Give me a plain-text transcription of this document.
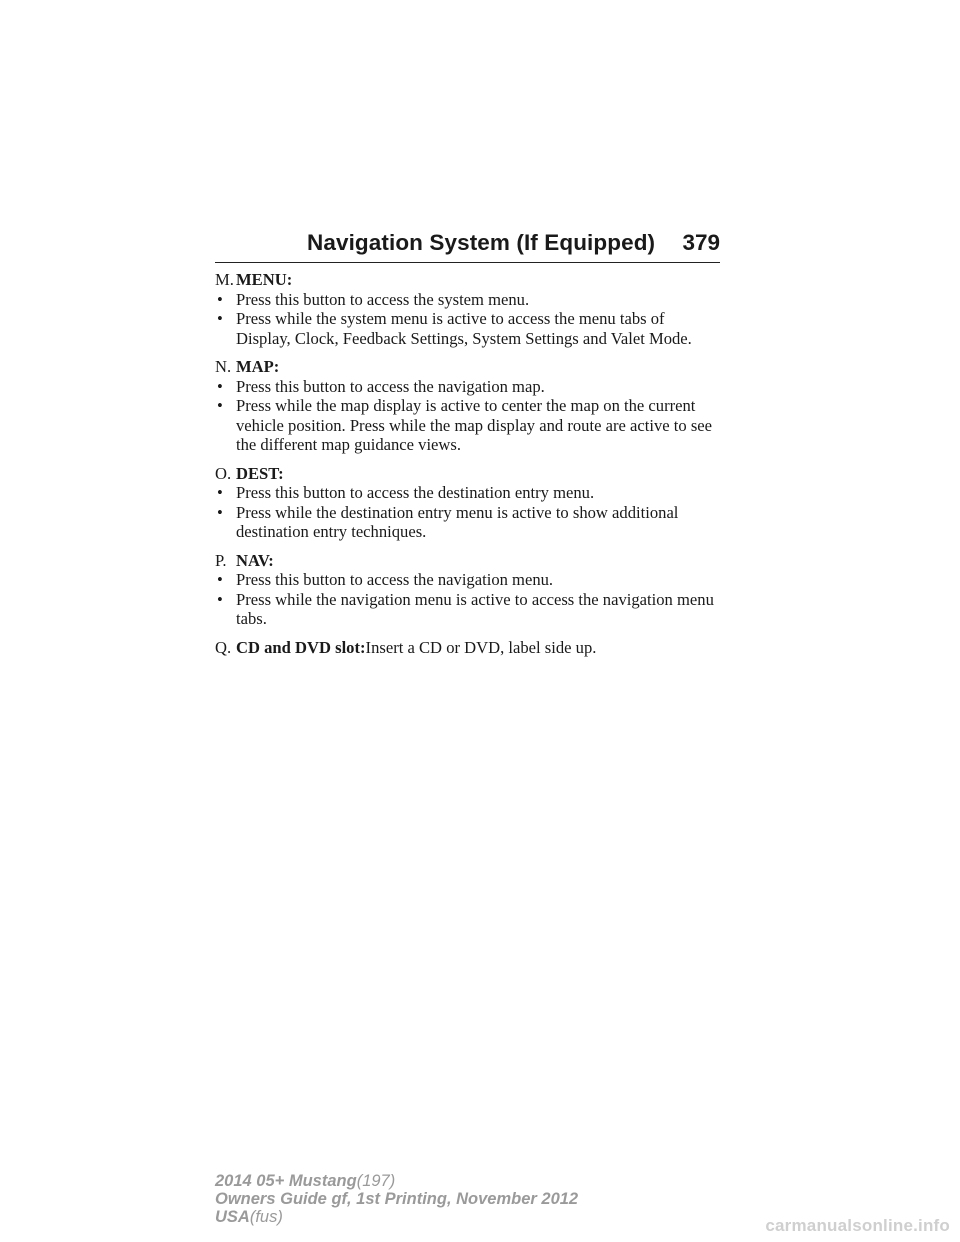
Navigation System (If Equipped) 379
M. MENU:
• Press this button to access the system menu.
• Press while the system menu is active to access the menu tabs of Display, Clock, Feedback Settings, System Settings and Valet Mode.
N. MAP:
• Press this button to access the navigation map.
• Press while the map display is active to center the map on the current vehicle position. Press while the map display and route are active to see the different map guidance views.
O. DEST:
• Press this button to access the destination entry menu.
• Press while the destination entry menu is active to show additional destination entry techniques.
P. NAV:
• Press this button to access the navigation menu.
• Press while the navigation menu is active to access the navigation menu tabs.
Q. CD and DVD slot:Insert a CD or DVD, label side up.
2014 05+ Mustang(197)
Owners Guide gf, 1st Printing, November 2012
USA(fus)	carmanualsonline.info
